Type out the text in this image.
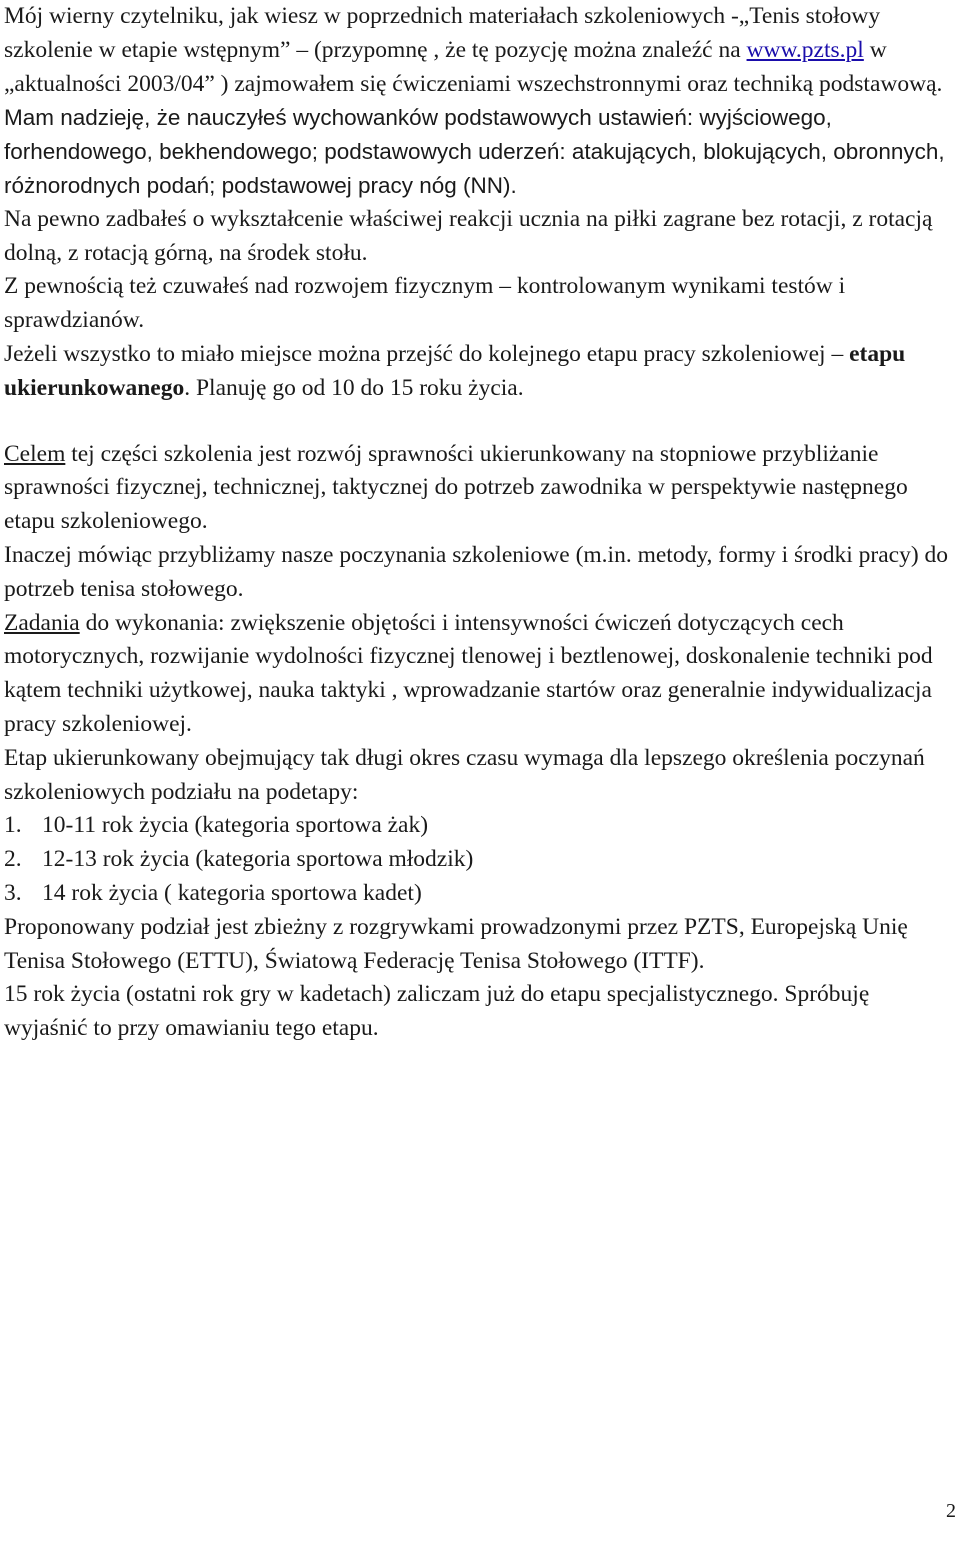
Mój wierny czytelniku, jak wiesz w poprzednich materiałach szkoleniowych -„Tenis stołowy szkolenie w etapie wstępnym” – (przypomnę , że tę pozycję można znaleźć na www.pzts.pl w „aktualności 2003/04” ) zajmowałem się ćwiczeniami wszechstronnymi oraz techniką podstawową.

Mam nadzieję, że nauczyłeś wychowanków podstawowych ustawień: wyjściowego, forhendowego, bekhendowego; podstawowych uderzeń: atakujących, blokujących, obronnych, różnorodnych podań; podstawowej pracy nóg (NN).

Na pewno zadbałeś o wykształcenie właściwej reakcji ucznia na piłki zagrane bez rotacji, z rotacją dolną, z rotacją górną, na środek stołu.

Z pewnością też czuwałeś nad rozwojem fizycznym – kontrolowanym wynikami testów i sprawdzianów.

Jeżeli wszystko to miało miejsce można przejść do kolejnego etapu pracy szkoleniowej – etapu ukierunkowanego. Planuję go od 10 do 15 roku życia.

Celem tej części szkolenia jest rozwój sprawności ukierunkowany na stopniowe przybliżanie sprawności fizycznej, technicznej, taktycznej do potrzeb zawodnika w perspektywie następnego etapu szkoleniowego.

Inaczej mówiąc przybliżamy nasze poczynania szkoleniowe (m.in. metody, formy i środki pracy) do potrzeb tenisa stołowego.

Zadania do wykonania: zwiększenie objętości i intensywności ćwiczeń dotyczących cech motorycznych, rozwijanie wydolności fizycznej tlenowej i beztlenowej, doskonalenie techniki pod kątem techniki użytkowej, nauka taktyki , wprowadzanie startów oraz generalnie indywidualizacja pracy szkoleniowej.

Etap ukierunkowany obejmujący tak długi okres czasu wymaga dla lepszego określenia poczynań szkoleniowych podziału na podetapy:

1. 10-11 rok życia (kategoria sportowa żak)

2. 12-13 rok życia (kategoria sportowa młodzik)

3. 14 rok życia ( kategoria sportowa kadet)

Proponowany podział jest zbieżny z rozgrywkami prowadzonymi przez PZTS, Europejską Unię Tenisa Stołowego (ETTU), Światową Federację Tenisa Stołowego (ITTF).

15 rok życia (ostatni rok gry w kadetach) zaliczam już do etapu specjalistycznego. Spróbuję wyjaśnić to przy omawianiu tego etapu.

2
